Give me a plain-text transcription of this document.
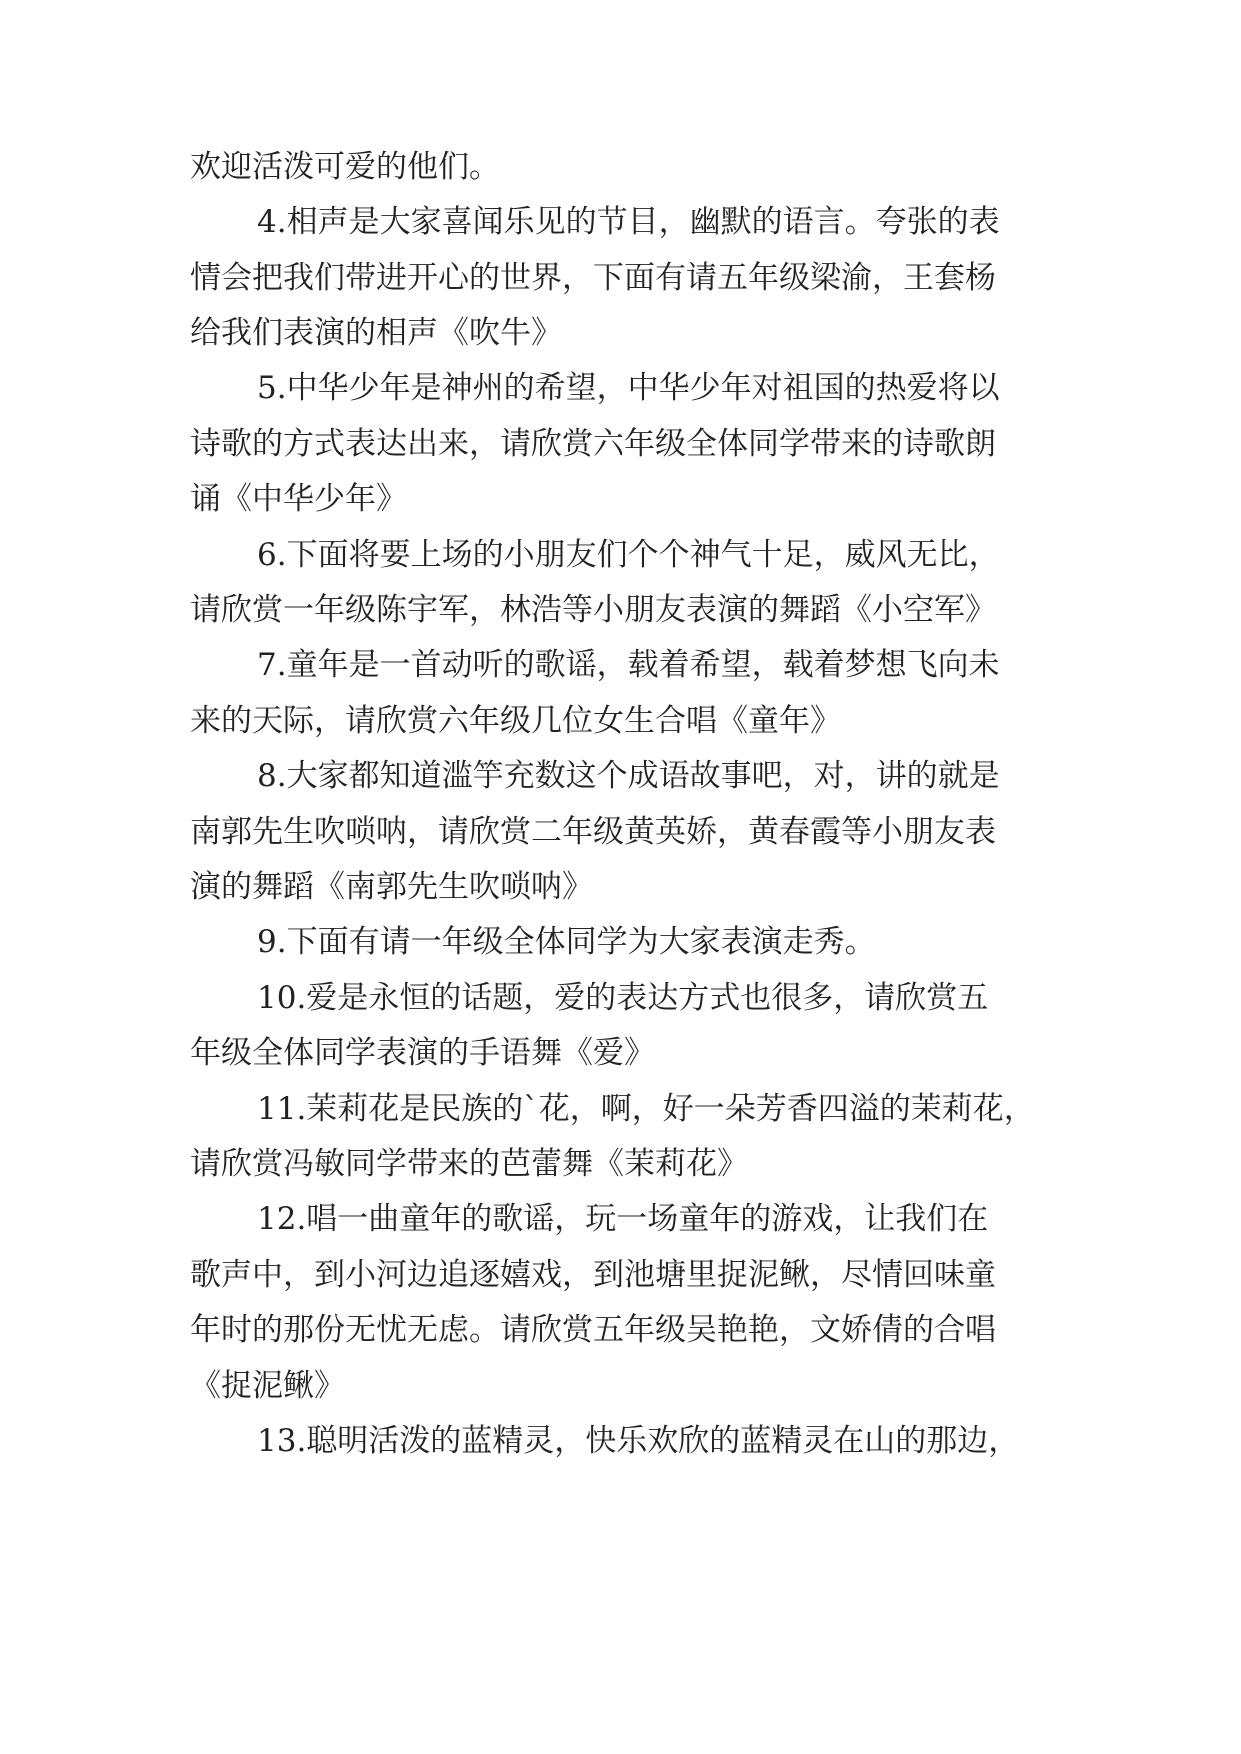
欢迎活泼可爱的他们。

4.相声是大家喜闻乐见的节目，幽默的语言。夸张的表

情会把我们带进开心的世界，下面有请五年级梁渝，王套杨

给我们表演的相声《吹牛》

5.中华少年是神州的希望，中华少年对祖国的热爱将以

诗歌的方式表达出来，请欣赏六年级全体同学带来的诗歌朗

诵《中华少年》

6.下面将要上场的小朋友们个个神气十足，威风无比，

请欣赏一年级陈宇军，林浩等小朋友表演的舞蹈《小空军》

7.童年是一首动听的歌谣，载着希望，载着梦想飞向未

来的天际，请欣赏六年级几位女生合唱《童年》

8.大家都知道滥竽充数这个成语故事吧，对，讲的就是

南郭先生吹唢呐，请欣赏二年级黄英娇，黄春霞等小朋友表

演的舞蹈《南郭先生吹唢呐》

9.下面有请一年级全体同学为大家表演走秀。

10.爱是永恒的话题，爱的表达方式也很多，请欣赏五

年级全体同学表演的手语舞《爱》

11.茉莉花是民族的`花，啊，好一朵芳香四溢的茉莉花，

请欣赏冯敏同学带来的芭蕾舞《茉莉花》

12.唱一曲童年的歌谣，玩一场童年的游戏，让我们在

歌声中，到小河边追逐嬉戏，到池塘里捉泥鳅，尽情回味童

年时的那份无忧无虑。请欣赏五年级吴艳艳，文娇倩的合唱

《捉泥鳅》

13.聪明活泼的蓝精灵，快乐欢欣的蓝精灵在山的那边，
